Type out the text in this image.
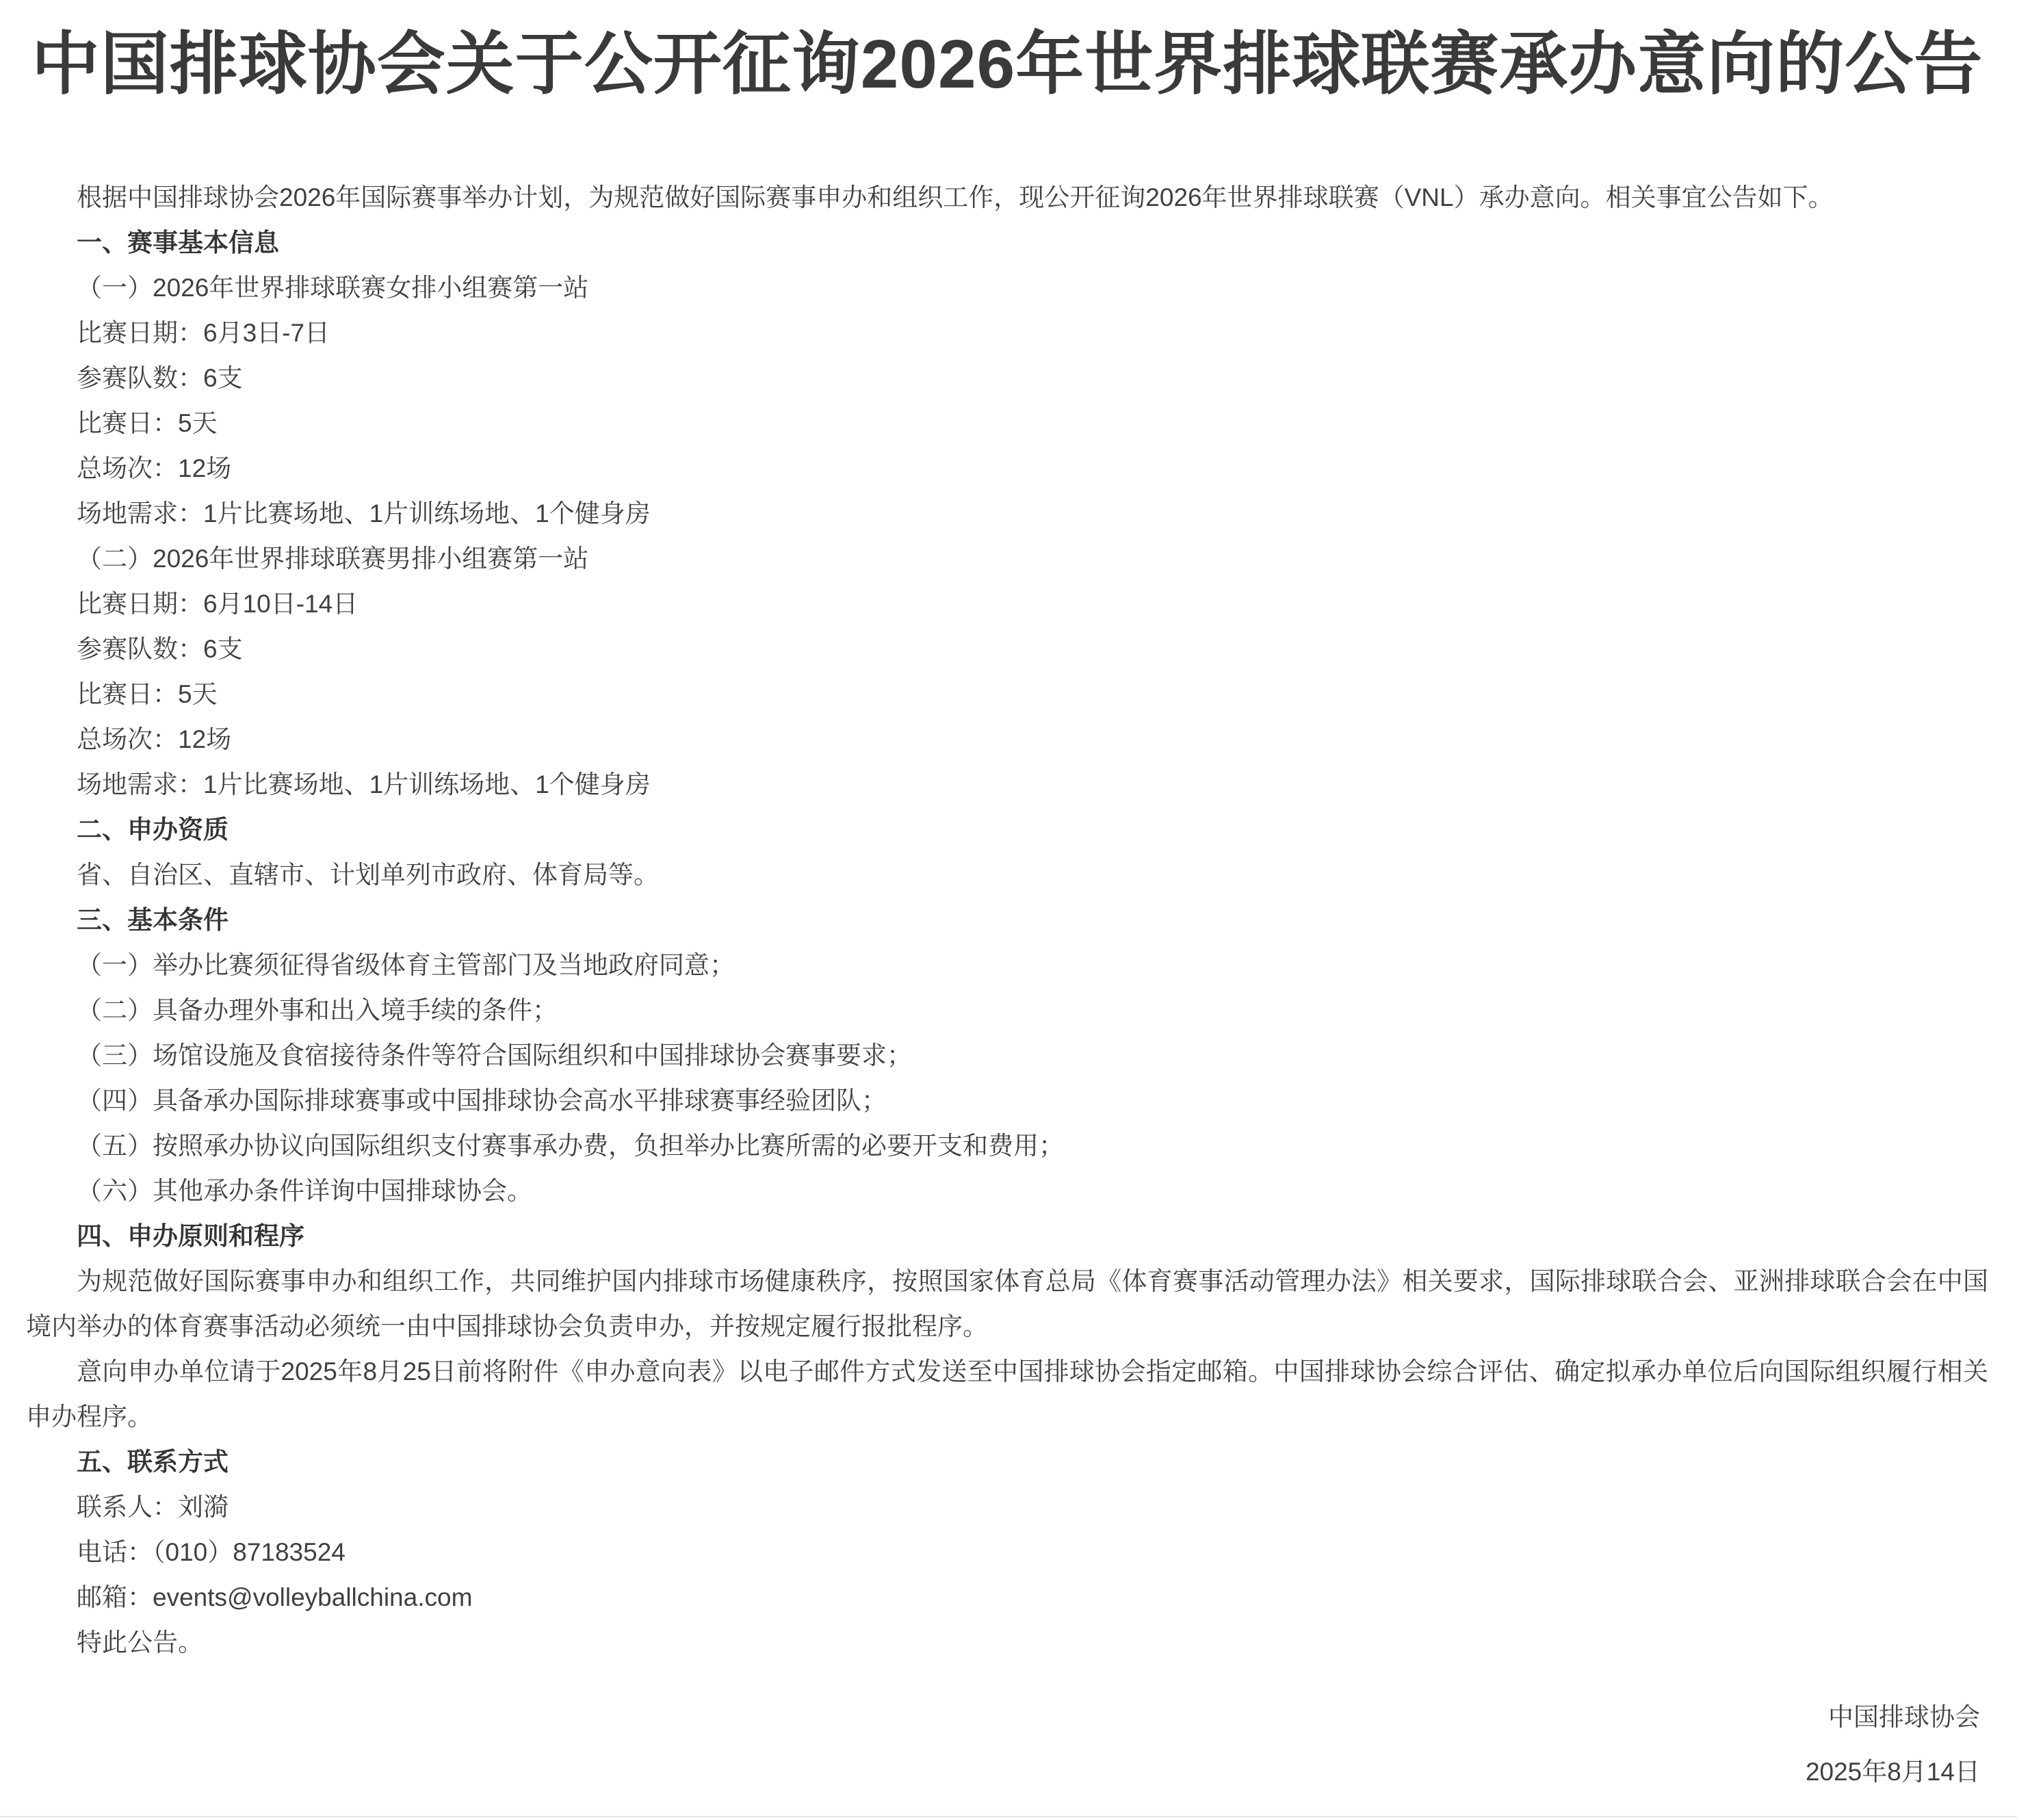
中国排球协会关于公开征询2026年世界排球联赛承办意向的公告

根据中国排球协会2026年国际赛事举办计划，为规范做好国际赛事申办和组织工作，现公开征询2026年世界排球联赛（VNL）承办意向。相关事宜公告如下。

一、赛事基本信息

（一）2026年世界排球联赛女排小组赛第一站

比赛日期：6月3日-7日

参赛队数：6支

比赛日：5天

总场次：12场

场地需求：1片比赛场地、1片训练场地、1个健身房

（二）2026年世界排球联赛男排小组赛第一站

比赛日期：6月10日-14日

参赛队数：6支

比赛日：5天

总场次：12场

场地需求：1片比赛场地、1片训练场地、1个健身房

二、申办资质

省、自治区、直辖市、计划单列市政府、体育局等。

三、基本条件

（一）举办比赛须征得省级体育主管部门及当地政府同意；

（二）具备办理外事和出入境手续的条件；

（三）场馆设施及食宿接待条件等符合国际组织和中国排球协会赛事要求；

（四）具备承办国际排球赛事或中国排球协会高水平排球赛事经验团队；

（五）按照承办协议向国际组织支付赛事承办费，负担举办比赛所需的必要开支和费用；

（六）其他承办条件详询中国排球协会。

四、申办原则和程序

为规范做好国际赛事申办和组织工作，共同维护国内排球市场健康秩序，按照国家体育总局《体育赛事活动管理办法》相关要求，国际排球联合会、亚洲排球联合会在中国境内举办的体育赛事活动必须统一由中国排球协会负责申办，并按规定履行报批程序。

意向申办单位请于2025年8月25日前将附件《申办意向表》以电子邮件方式发送至中国排球协会指定邮箱。中国排球协会综合评估、确定拟承办单位后向国际组织履行相关申办程序。

五、联系方式

联系人：刘漪

电话：（010）87183524

邮箱：events@volleyballchina.com

特此公告。

中国排球协会

2025年8月14日
